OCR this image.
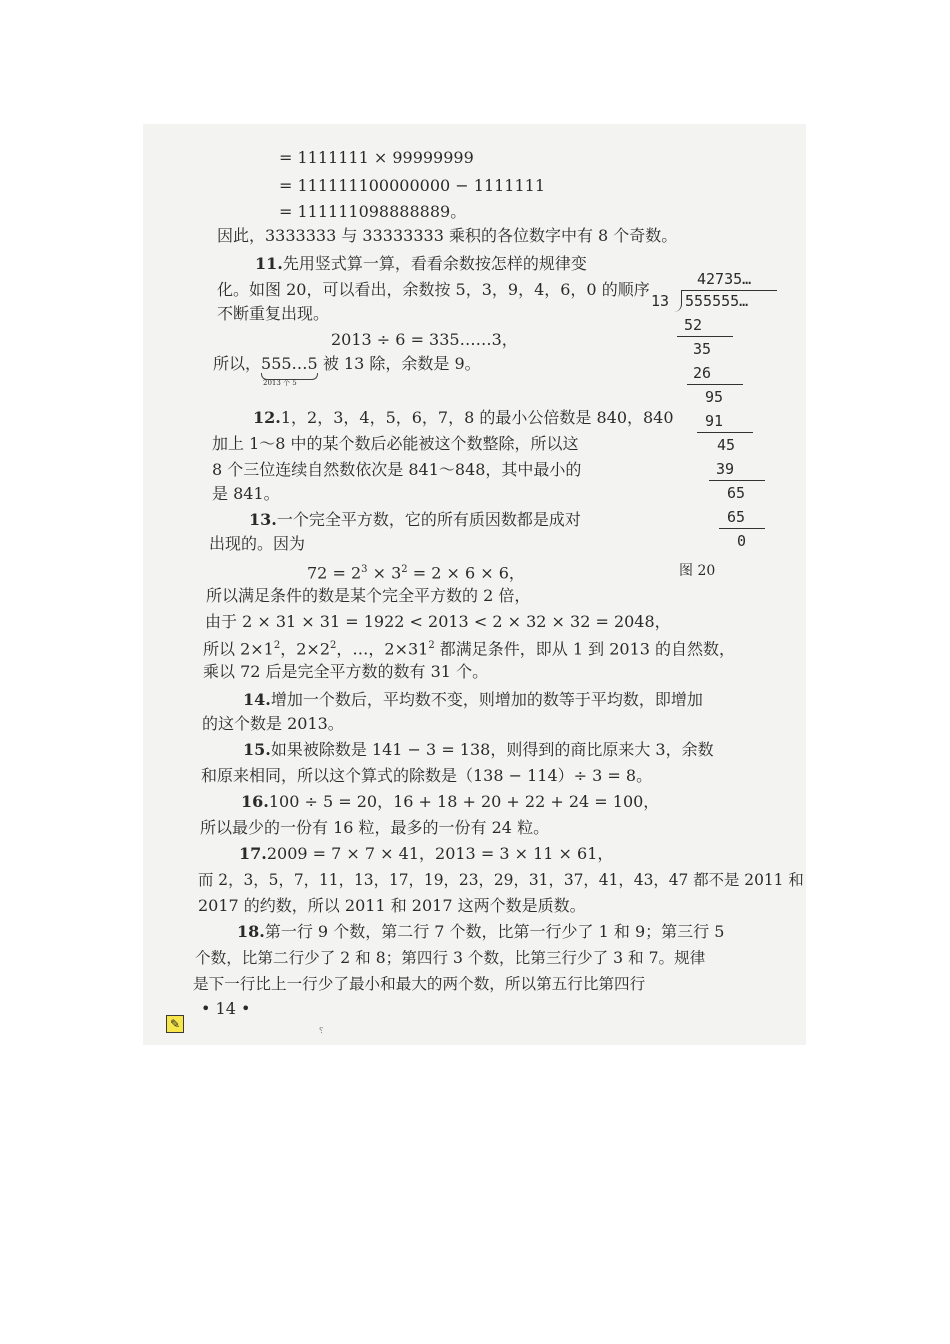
= 1111111 × 99999999
= 111111100000000 − 1111111
= 111111098888889。
因此，3333333 与 33333333 乘积的各位数字中有 8 个奇数。
11.先用竖式算一算，看看余数按怎样的规律变
化。如图 20，可以看出，余数按 5，3，9，4，6，0 的顺序
不断重复出现。
2013 ÷ 6 = 335……3，
所以，555…5
2013 个 5
被 13 除，余数是 9。
12.1，2，3，4，5，6，7，8 的最小公倍数是 840，840
加上 1～8 中的某个数后必能被这个数整除，所以这
8 个三位连续自然数依次是 841～848，其中最小的
是 841。
13.一个完全平方数，它的所有质因数都是成对
出现的。因为
$72 = 2^3 \times 3^2 = 2 \times 6 \times 6$，
所以满足条件的数是某个完全平方数的 2 倍，
由于 2 × 31 × 31 = 1922 < 2013 < 2 × 32 × 32 = 2048，
所以 $2\times 1^2$，$2\times 2^2$，…，$2\times 31^2$ 都满足条件，即从 1 到 2013 的自然数，
乘以 72 后是完全平方数的数有 31 个。
14.增加一个数后，平均数不变，则增加的数等于平均数，即增加
的这个数是 2013。
15.如果被除数是 141 − 3 = 138，则得到的商比原来大 3，余数
和原来相同，所以这个算式的除数是（138 − 114）÷ 3 = 8。
16.100 ÷ 5 = 20，16 + 18 + 20 + 22 + 24 = 100，
所以最少的一份有 16 粒，最多的一份有 24 粒。
17.2009 = 7 × 7 × 41，2013 = 3 × 11 × 61，
而 2，3，5，7，11，13，17，19，23，29，31，37，41，43，47 都不是 2011 和
2017 的约数，所以 2011 和 2017 这两个数是质数。
18.第一行 9 个数，第二行 7 个数，比第一行少了 1 和 9；第三行 5
个数，比第二行少了 2 和 8；第四行 3 个数，比第三行少了 3 和 7。规律
是下一行比上一行少了最小和最大的两个数，所以第五行比第四行
• 14 •
⸮
42735…
13 555555…
52
35
26
95
91
45
39
65
65
0
图 20
✎
